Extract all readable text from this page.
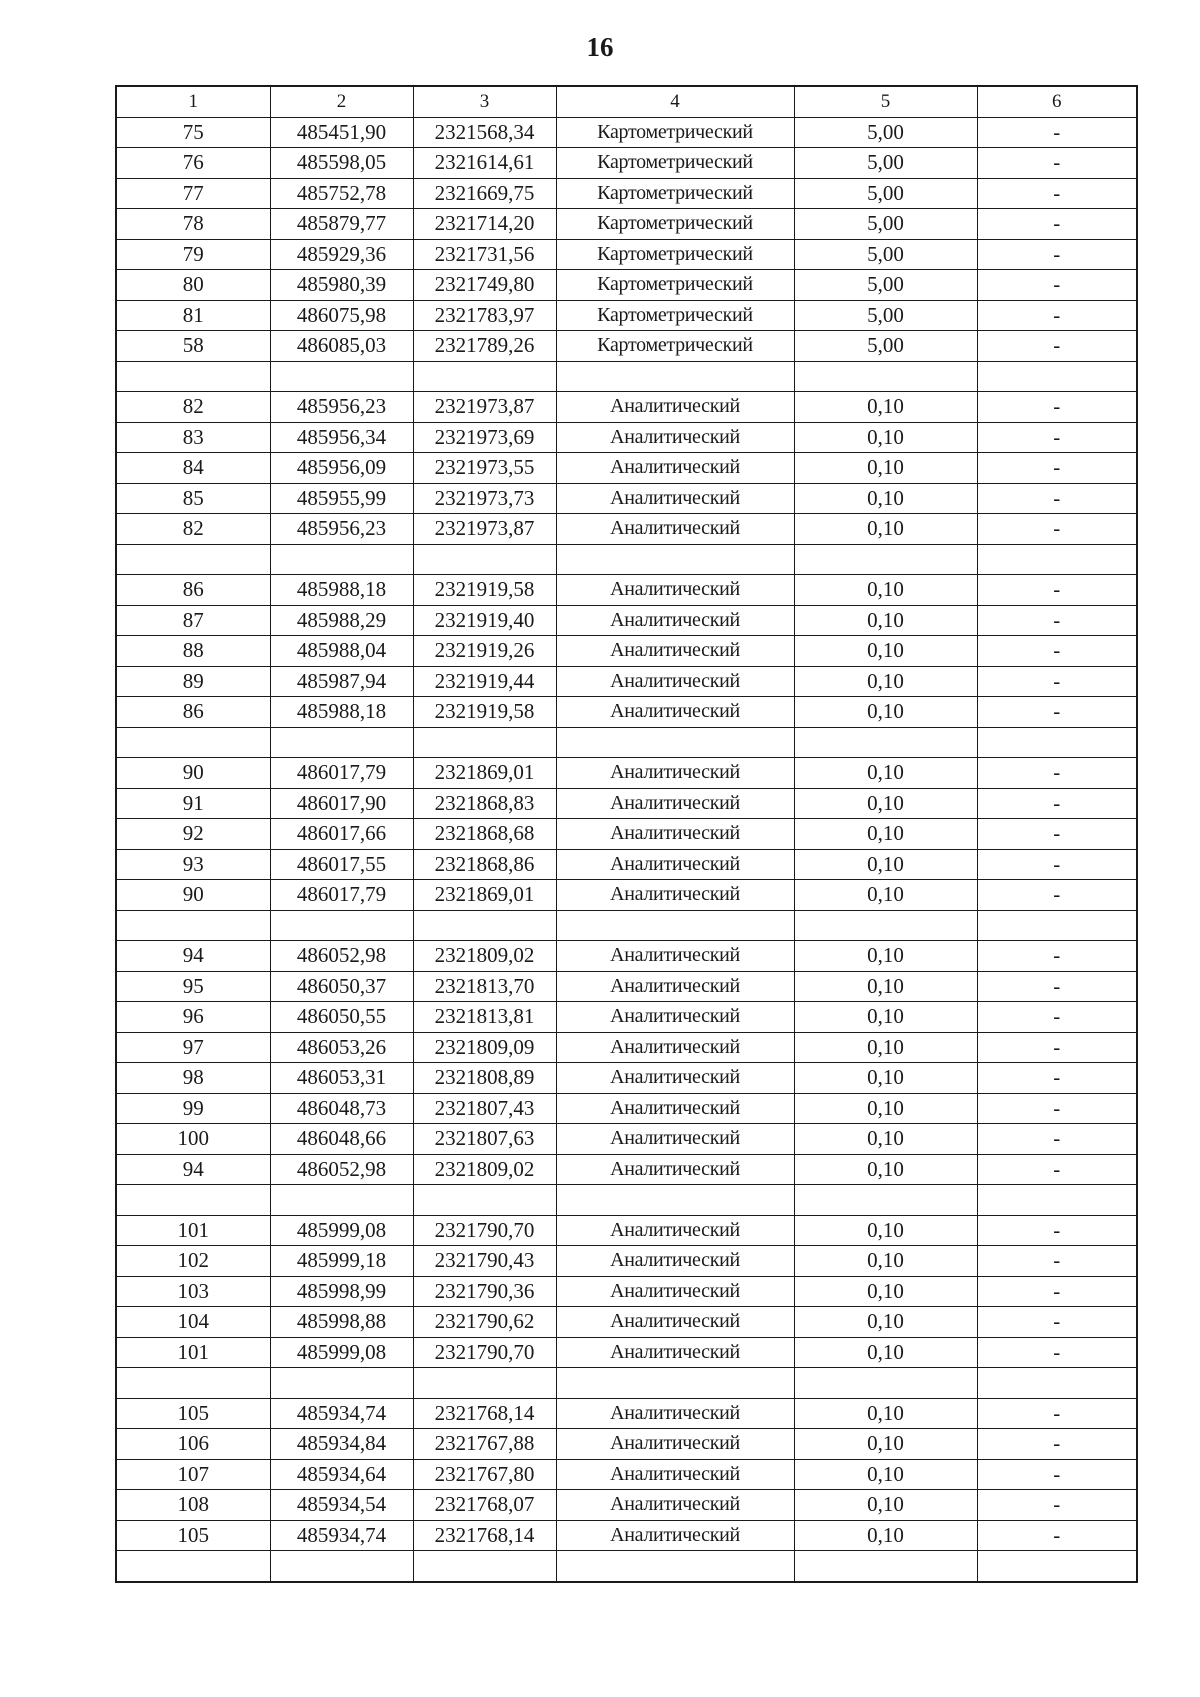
16
1	2	3	4	5	6
75	485451,90	2321568,34	Картометрический	5,00	-
76	485598,05	2321614,61	Картометрический	5,00	-
77	485752,78	2321669,75	Картометрический	5,00	-
78	485879,77	2321714,20	Картометрический	5,00	-
79	485929,36	2321731,56	Картометрический	5,00	-
80	485980,39	2321749,80	Картометрический	5,00	-
81	486075,98	2321783,97	Картометрический	5,00	-
58	486085,03	2321789,26	Картометрический	5,00	-

82	485956,23	2321973,87	Аналитический	0,10	-
83	485956,34	2321973,69	Аналитический	0,10	-
84	485956,09	2321973,55	Аналитический	0,10	-
85	485955,99	2321973,73	Аналитический	0,10	-
82	485956,23	2321973,87	Аналитический	0,10	-

86	485988,18	2321919,58	Аналитический	0,10	-
87	485988,29	2321919,40	Аналитический	0,10	-
88	485988,04	2321919,26	Аналитический	0,10	-
89	485987,94	2321919,44	Аналитический	0,10	-
86	485988,18	2321919,58	Аналитический	0,10	-

90	486017,79	2321869,01	Аналитический	0,10	-
91	486017,90	2321868,83	Аналитический	0,10	-
92	486017,66	2321868,68	Аналитический	0,10	-
93	486017,55	2321868,86	Аналитический	0,10	-
90	486017,79	2321869,01	Аналитический	0,10	-

94	486052,98	2321809,02	Аналитический	0,10	-
95	486050,37	2321813,70	Аналитический	0,10	-
96	486050,55	2321813,81	Аналитический	0,10	-
97	486053,26	2321809,09	Аналитический	0,10	-
98	486053,31	2321808,89	Аналитический	0,10	-
99	486048,73	2321807,43	Аналитический	0,10	-
100	486048,66	2321807,63	Аналитический	0,10	-
94	486052,98	2321809,02	Аналитический	0,10	-

101	485999,08	2321790,70	Аналитический	0,10	-
102	485999,18	2321790,43	Аналитический	0,10	-
103	485998,99	2321790,36	Аналитический	0,10	-
104	485998,88	2321790,62	Аналитический	0,10	-
101	485999,08	2321790,70	Аналитический	0,10	-

105	485934,74	2321768,14	Аналитический	0,10	-
106	485934,84	2321767,88	Аналитический	0,10	-
107	485934,64	2321767,80	Аналитический	0,10	-
108	485934,54	2321768,07	Аналитический	0,10	-
105	485934,74	2321768,14	Аналитический	0,10	-
